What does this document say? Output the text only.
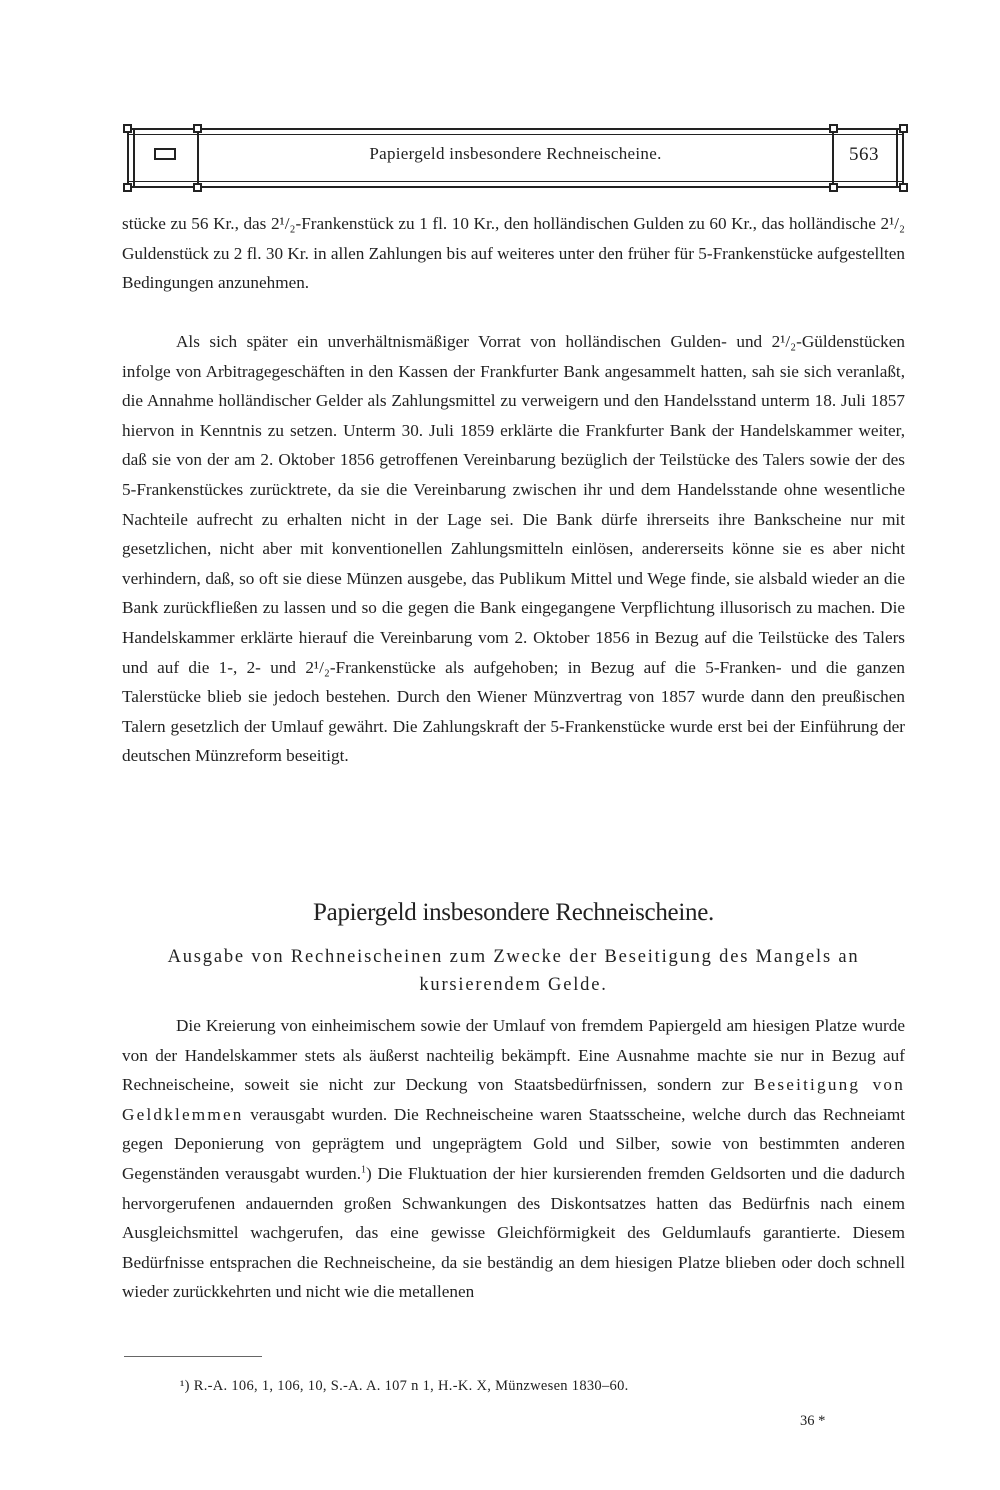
Papiergeld insbesondere Rechneischeine.	563

stücke zu 56 Kr., das 2¹/₂-Frankenstück zu 1 fl. 10 Kr., den holländischen Gulden zu 60 Kr., das holländische 2¹/₂ Guldenstück zu 2 fl. 30 Kr. in allen Zahlungen bis auf weiteres unter den früher für 5-Frankenstücke aufgestellten Bedingungen anzunehmen.

Als sich später ein unverhältnismäßiger Vorrat von holländischen Gulden- und 2¹/₂-Güldenstücken infolge von Arbitragegeschäften in den Kassen der Frankfurter Bank angesammelt hatten, sah sie sich veranlaßt, die Annahme holländischer Gelder als Zahlungsmittel zu verweigern und den Handelsstand unterm 18. Juli 1857 hiervon in Kenntnis zu setzen. Unterm 30. Juli 1859 erklärte die Frankfurter Bank der Handelskammer weiter, daß sie von der am 2. Oktober 1856 getroffenen Vereinbarung bezüglich der Teilstücke des Talers sowie der des 5-Frankenstückes zurücktrete, da sie die Vereinbarung zwischen ihr und dem Handelsstande ohne wesentliche Nachteile aufrecht zu erhalten nicht in der Lage sei. Die Bank dürfe ihrerseits ihre Bankscheine nur mit gesetzlichen, nicht aber mit konventionellen Zahlungsmitteln einlösen, andererseits könne sie es aber nicht verhindern, daß, so oft sie diese Münzen ausgebe, das Publikum Mittel und Wege finde, sie alsbald wieder an die Bank zurückfließen zu lassen und so die gegen die Bank eingegangene Verpflichtung illusorisch zu machen. Die Handelskammer erklärte hierauf die Vereinbarung vom 2. Oktober 1856 in Bezug auf die Teilstücke des Talers und auf die 1-, 2- und 2¹/₂-Frankenstücke als aufgehoben; in Bezug auf die 5-Franken- und die ganzen Talerstücke blieb sie jedoch bestehen. Durch den Wiener Münzvertrag von 1857 wurde dann den preußischen Talern gesetzlich der Umlauf gewährt. Die Zahlungskraft der 5-Frankenstücke wurde erst bei der Einführung der deutschen Münzreform beseitigt.

Papiergeld insbesondere Rechneischeine.
Ausgabe von Rechneischeinen zum Zwecke der Beseitigung des Mangels an kursierendem Gelde.

Die Kreierung von einheimischem sowie der Umlauf von fremdem Papiergeld am hiesigen Platze wurde von der Handelskammer stets als äußerst nachteilig bekämpft. Eine Ausnahme machte sie nur in Bezug auf Rechneischeine, soweit sie nicht zur Deckung von Staatsbedürfnissen, sondern zur Beseitigung von Geldklemmen verausgabt wurden. Die Rechneischeine waren Staatsscheine, welche durch das Rechneiamt gegen Deponierung von geprägtem und ungeprägtem Gold und Silber, sowie von bestimmten anderen Gegenständen verausgabt wurden.$^1$) Die Fluktuation der hier kursierenden fremden Geldsorten und die dadurch hervorgerufenen andauernden großen Schwankungen des Diskontsatzes hatten das Bedürfnis nach einem Ausgleichsmittel wachgerufen, das eine gewisse Gleichförmigkeit des Geldumlaufs garantierte. Diesem Bedürfnisse entsprachen die Rechneischeine, da sie beständig an dem hiesigen Platze blieben oder doch schnell wieder zurückkehrten und nicht wie die metallenen

¹) R.-A. 106, 1, 106, 10, S.-A. A. 107 n 1, H.-K. X, Münzwesen 1830–60.
36 *
